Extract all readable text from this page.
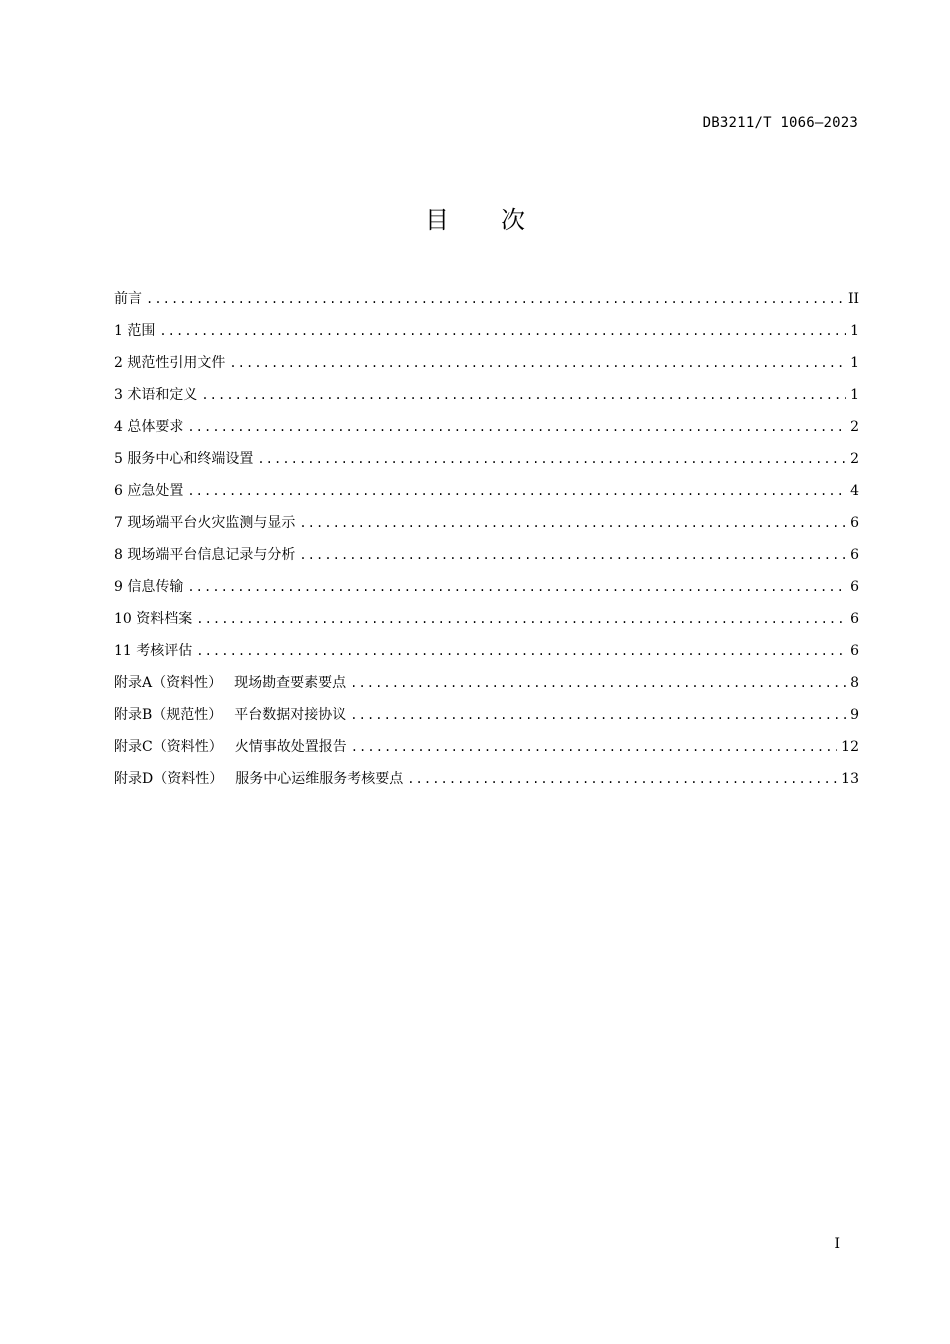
DB3211/T 1066—2023
目 次
前言 .....	II
1 范围 .....	1
2 规范性引用文件 .....	1
3 术语和定义 .....	1
4 总体要求 .....	2
5 服务中心和终端设置 .....	2
6 应急处置 .....	4
7 现场端平台火灾监测与显示 .....	6
8 现场端平台信息记录与分析 .....	6
9 信息传输 .....	6
10 资料档案 .....	6
11 考核评估 .....	6
附录A（资料性） 现场勘查要素要点 .....	8
附录B（规范性） 平台数据对接协议 .....	9
附录C（资料性） 火情事故处置报告 .....	12
附录D（资料性） 服务中心运维服务考核要点 .....	13
I
